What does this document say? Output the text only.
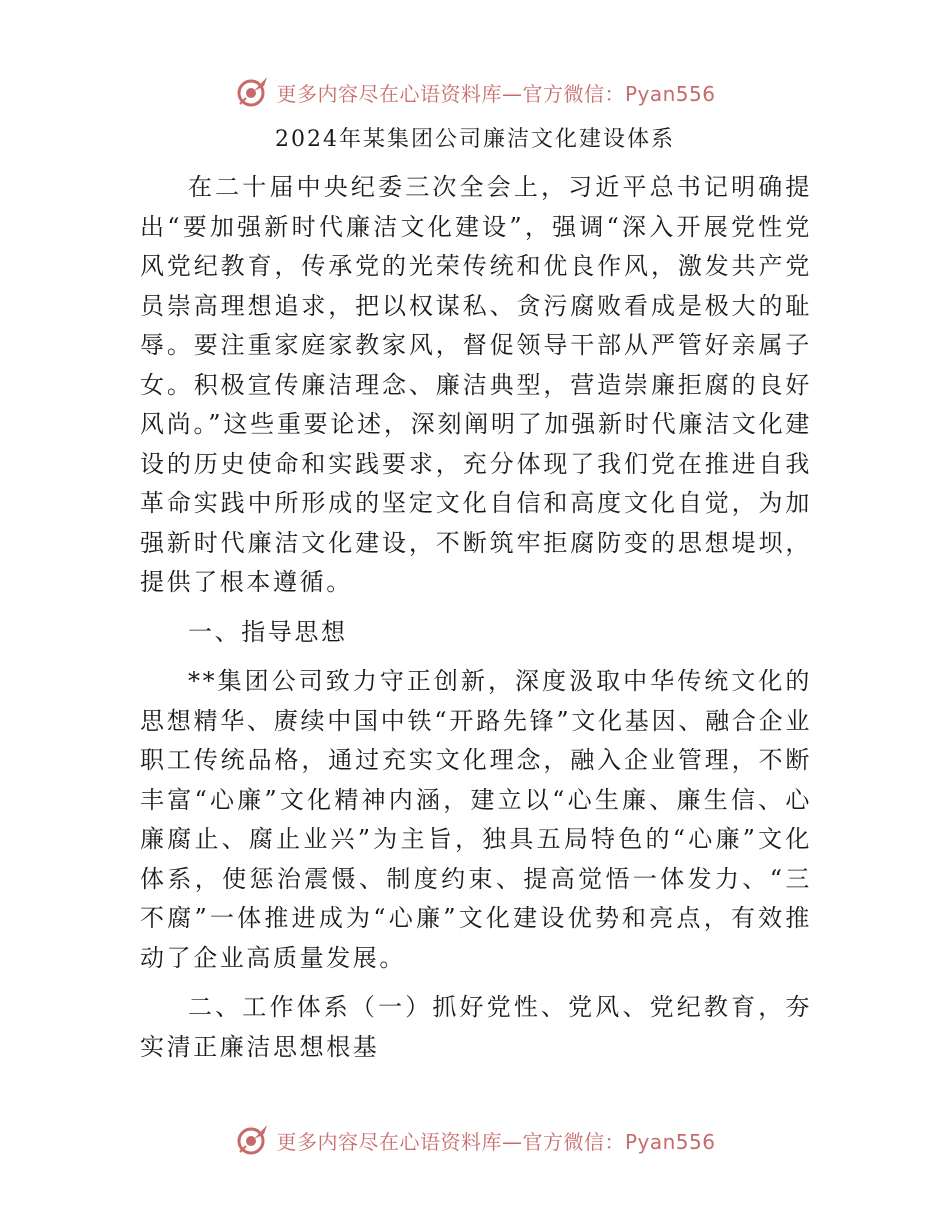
更多内容尽在心语资料库—官方微信：Pyan556
2024年某集团公司廉洁文化建设体系

在二十届中央纪委三次全会上，习近平总书记明确提出“要加强新时代廉洁文化建设”，强调“深入开展党性党风党纪教育，传承党的光荣传统和优良作风，激发共产党员崇高理想追求，把以权谋私、贪污腐败看成是极大的耻辱。要注重家庭家教家风，督促领导干部从严管好亲属子女。积极宣传廉洁理念、廉洁典型，营造崇廉拒腐的良好风尚。”这些重要论述，深刻阐明了加强新时代廉洁文化建设的历史使命和实践要求，充分体现了我们党在推进自我革命实践中所形成的坚定文化自信和高度文化自觉，为加强新时代廉洁文化建设，不断筑牢拒腐防变的思想堤坝，提供了根本遵循。

一、指导思想

**集团公司致力守正创新，深度汲取中华传统文化的思想精华、赓续中国中铁“开路先锋”文化基因、融合企业职工传统品格，通过充实文化理念，融入企业管理，不断丰富“心廉”文化精神内涵，建立以“心生廉、廉生信、心廉腐止、腐止业兴”为主旨，独具五局特色的“心廉”文化体系，使惩治震慑、制度约束、提高觉悟一体发力、“三不腐”一体推进成为“心廉”文化建设优势和亮点，有效推动了企业高质量发展。

二、工作体系（一）抓好党性、党风、党纪教育，夯实清正廉洁思想根基

更多内容尽在心语资料库—官方微信：Pyan556
